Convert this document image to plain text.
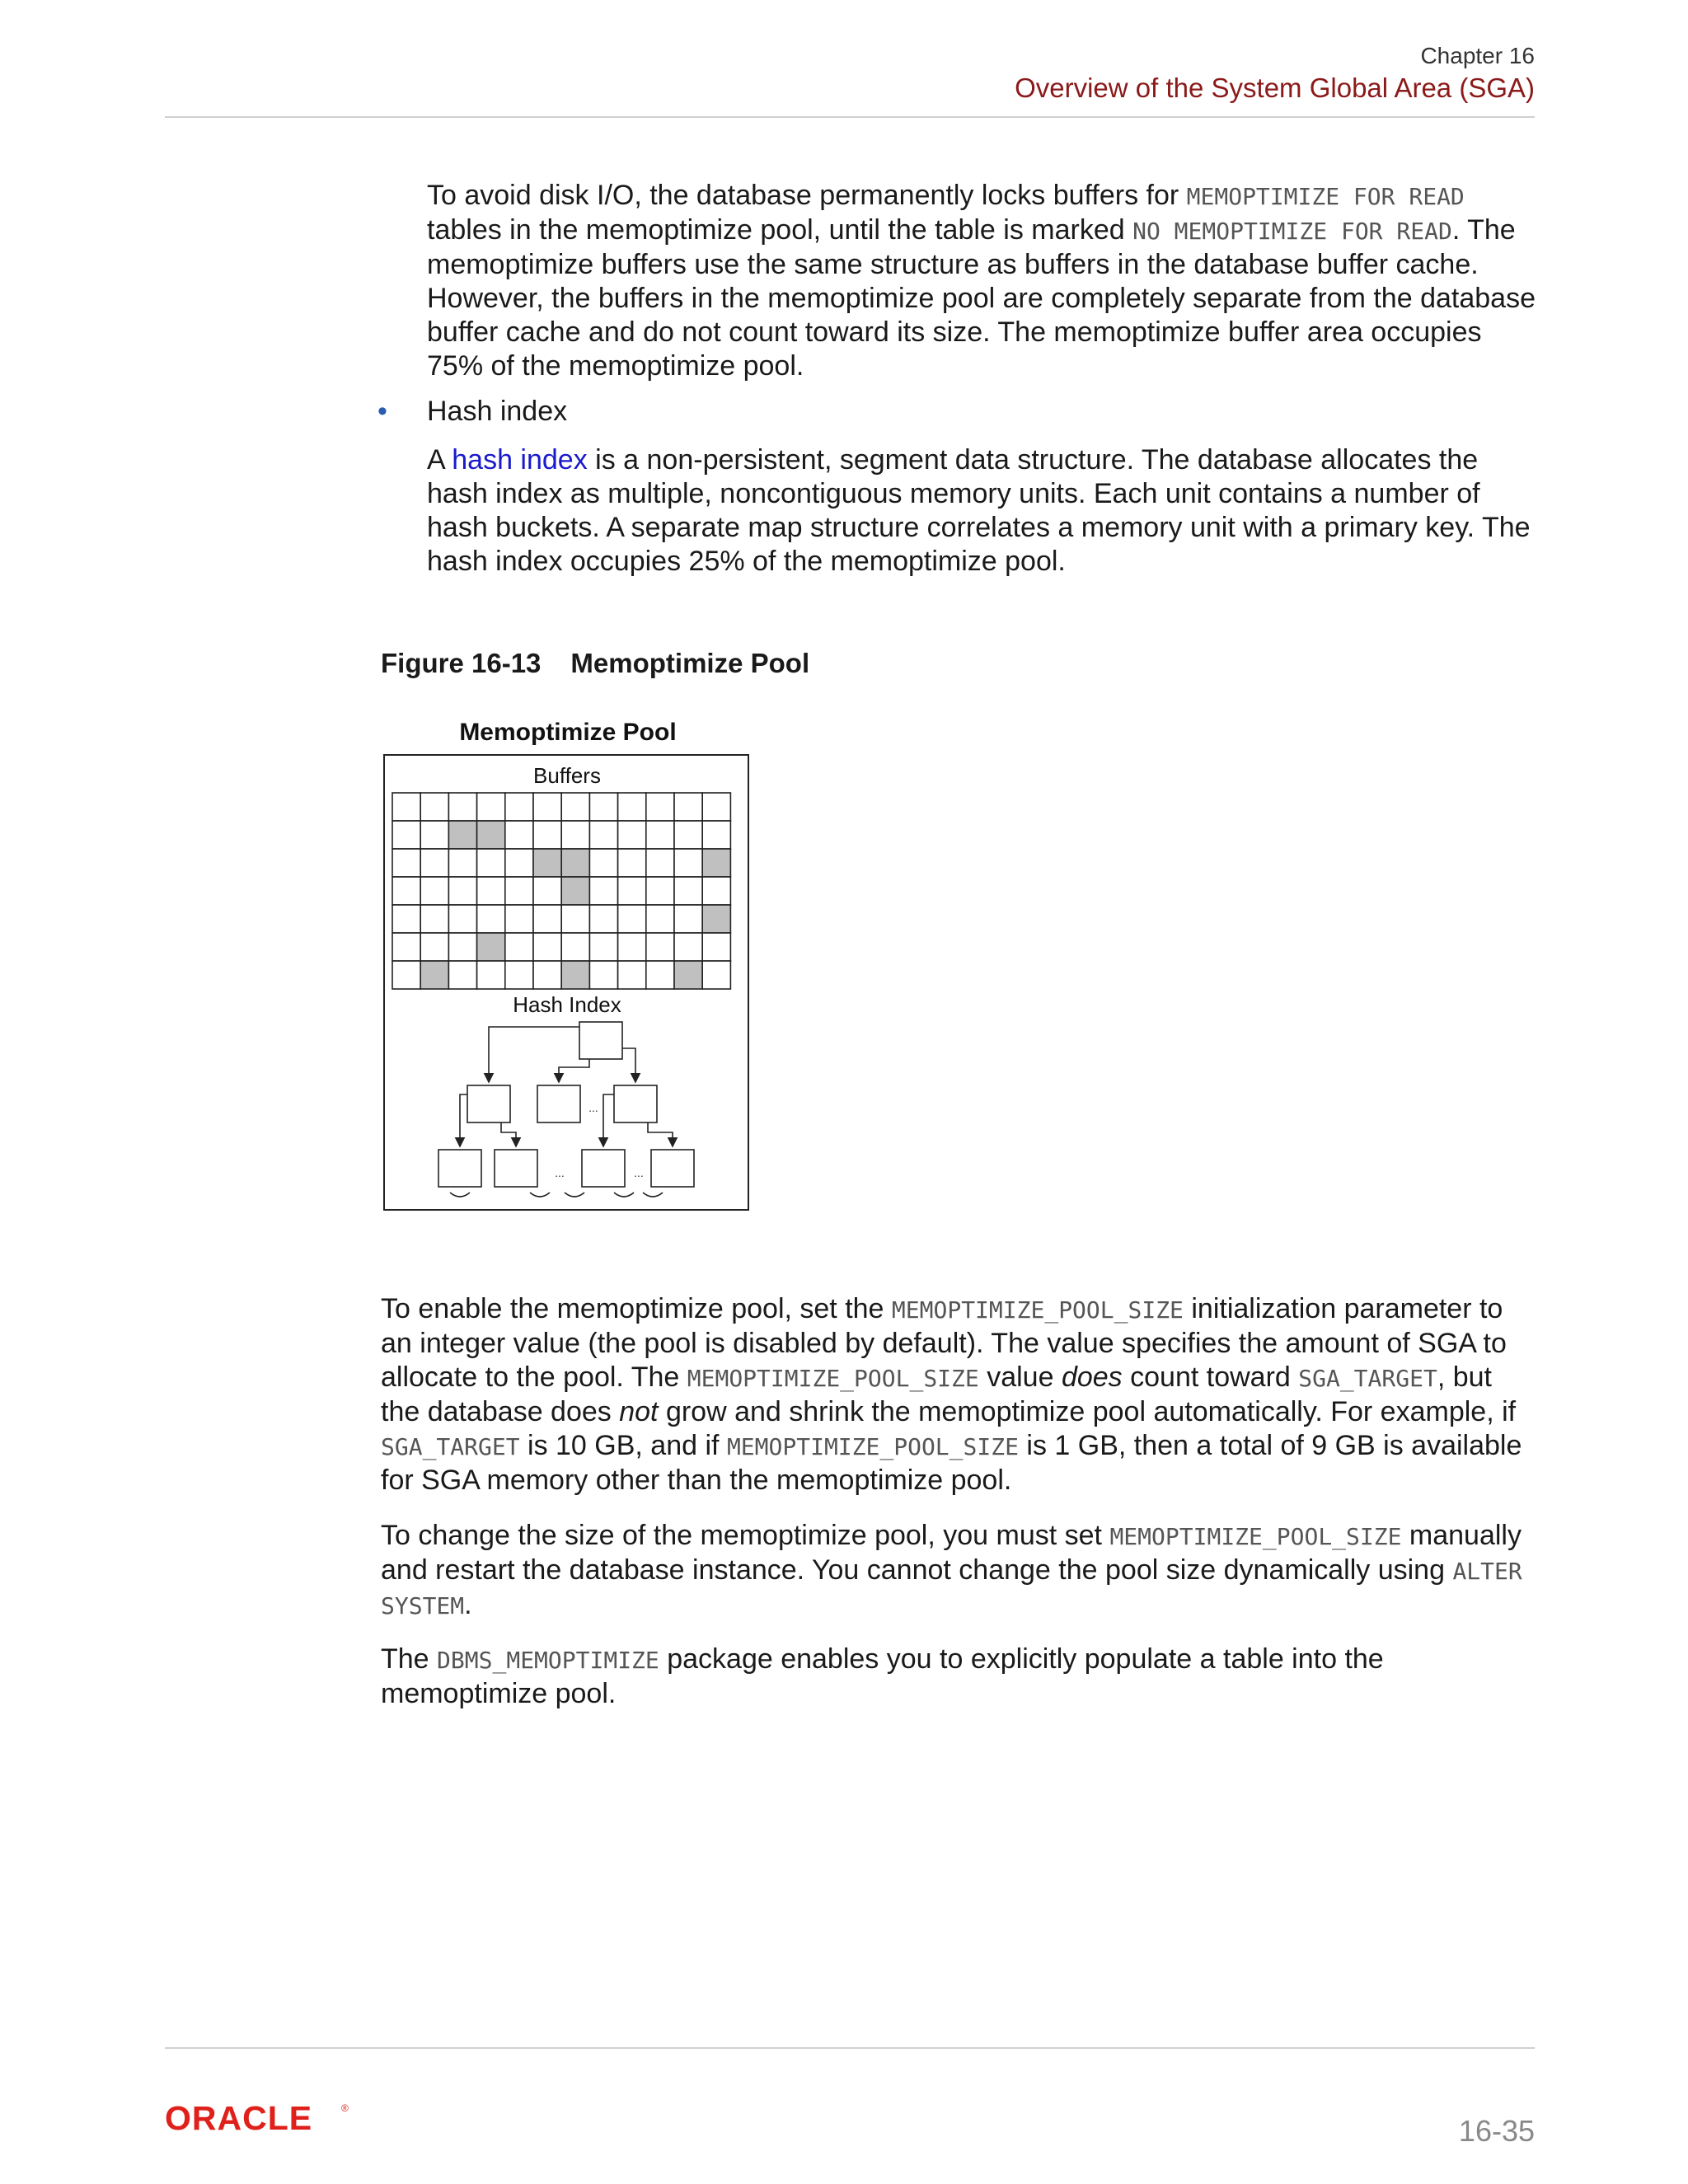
Chapter 16
Overview of the System Global Area (SGA)
To avoid disk I/O, the database permanently locks buffers for MEMOPTIMIZE FOR READ tables in the memoptimize pool, until the table is marked NO MEMOPTIMIZE FOR READ. The memoptimize buffers use the same structure as buffers in the database buffer cache. However, the buffers in the memoptimize pool are completely separate from the database buffer cache and do not count toward its size. The memoptimize buffer area occupies 75% of the memoptimize pool.
• Hash index
A hash index is a non-persistent, segment data structure. The database allocates the hash index as multiple, noncontiguous memory units. Each unit contains a number of hash buckets. A separate map structure correlates a memory unit with a primary key. The hash index occupies 25% of the memoptimize pool.
Figure 16-13 Memoptimize Pool
Memoptimize Pool
Buffers
Hash Index
...
...	...
To enable the memoptimize pool, set the MEMOPTIMIZE_POOL_SIZE initialization parameter to an integer value (the pool is disabled by default). The value specifies the amount of SGA to allocate to the pool. The MEMOPTIMIZE_POOL_SIZE value does count toward SGA_TARGET, but the database does not grow and shrink the memoptimize pool automatically. For example, if SGA_TARGET is 10 GB, and if MEMOPTIMIZE_POOL_SIZE is 1 GB, then a total of 9 GB is available for SGA memory other than the memoptimize pool.
To change the size of the memoptimize pool, you must set MEMOPTIMIZE_POOL_SIZE manually and restart the database instance. You cannot change the pool size dynamically using ALTER SYSTEM.
The DBMS_MEMOPTIMIZE package enables you to explicitly populate a table into the memoptimize pool.
ORACLE	®
16-35
